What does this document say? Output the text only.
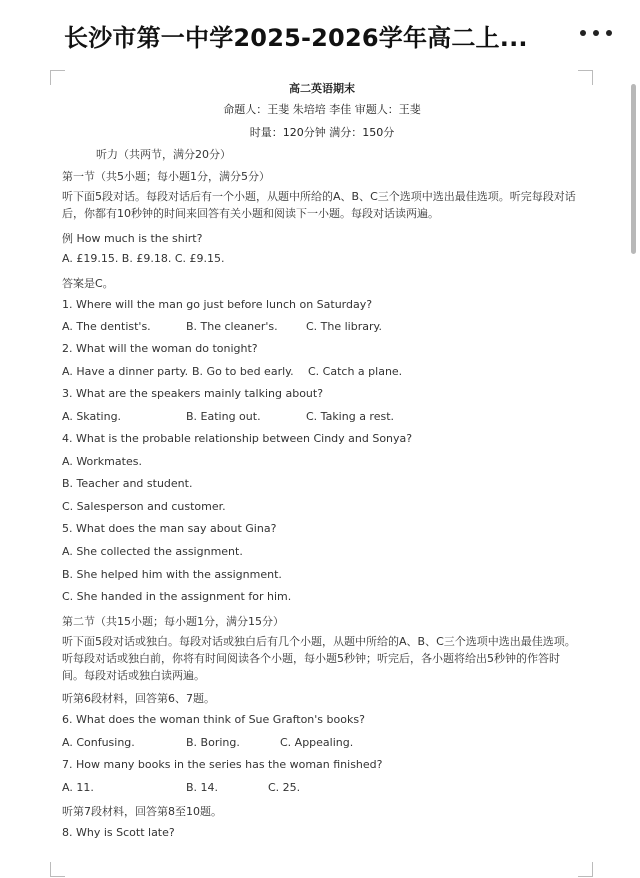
长沙市第一中学2025-2026学年高二上...
高二英语期末
命题人：王斐 朱培培 李佳 审题人：王斐
时量：120分钟 满分：150分
听力（共两节，满分20分）
第一节（共5小题；每小题1分，满分5分）
听下面5段对话。每段对话后有一个小题，从题中所给的A、B、C三个选项中选出最佳选项。听完每段对话后，你都有10秒钟的时间来回答有关小题和阅读下一小题。每段对话读两遍。
例 How much is the shirt?
A. £19.15. B. £9.18. C. £9.15.
答案是C。
1. Where will the man go just before lunch on Saturday?
A. The dentist's.	B. The cleaner's.	C. The library.
2. What will the woman do tonight?
A. Have a dinner party. B. Go to bed early. C. Catch a plane.
3. What are the speakers mainly talking about?
A. Skating.	B. Eating out.	C. Taking a rest.
4. What is the probable relationship between Cindy and Sonya?
A. Workmates.
B. Teacher and student.
C. Salesperson and customer.
5. What does the man say about Gina?
A. She collected the assignment.
B. She helped him with the assignment.
C. She handed in the assignment for him.
第二节（共15小题；每小题1分，满分15分）
听下面5段对话或独白。每段对话或独白后有几个小题，从题中所给的A、B、C三个选项中选出最佳选项。听每段对话或独白前，你将有时间阅读各个小题，每小题5秒钟；听完后，各小题将给出5秒钟的作答时间。每段对话或独白读两遍。
听第6段材料，回答第6、7题。
6. What does the woman think of Sue Grafton's books?
A. Confusing.	B. Boring.	C. Appealing.
7. How many books in the series has the woman finished?
A. 11.	B. 14.	C. 25.
听第7段材料，回答第8至10题。
8. Why is Scott late?
